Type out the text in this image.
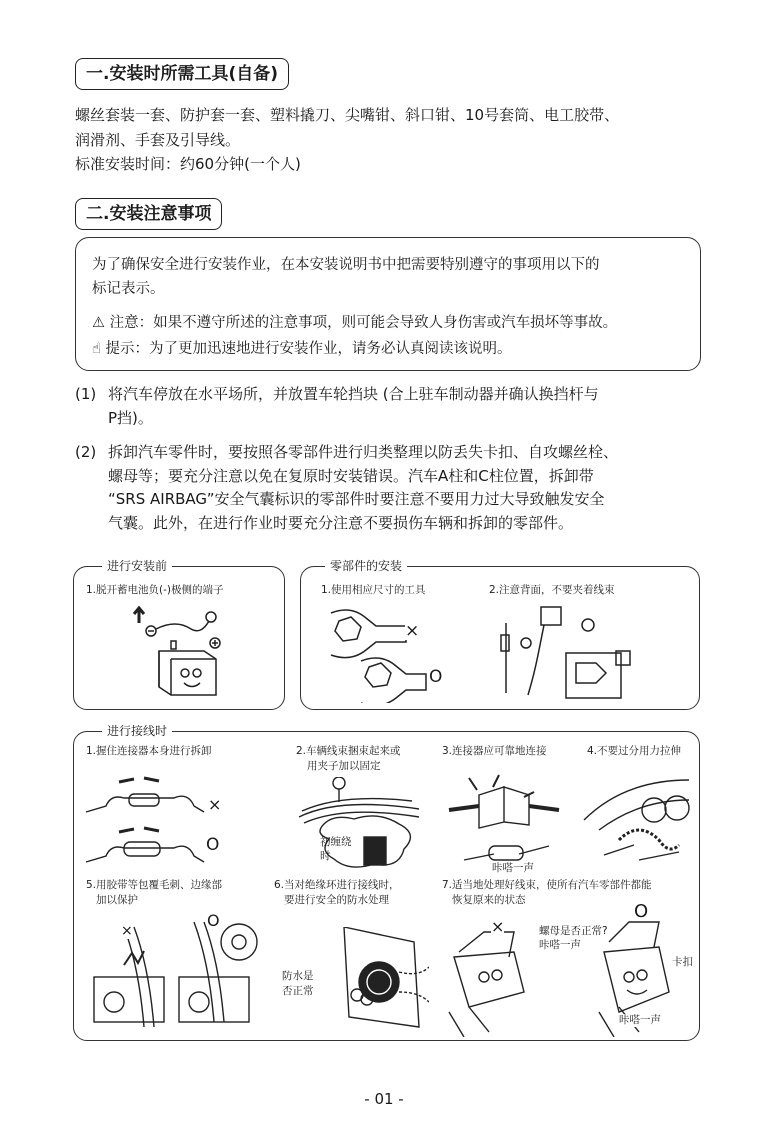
一.安装时所需工具(自备)
螺丝套装一套、防护套一套、塑料撬刀、尖嘴钳、斜口钳、10号套筒、电工胶带、
润滑剂、手套及引导线。
标准安装时间：约60分钟(一个人)
二.安装注意事项
为了确保安全进行安装作业，在本安装说明书中把需要特别遵守的事项用以下的
标记表示。
⚠ 注意：如果不遵守所述的注意事项，则可能会导致人身伤害或汽车损坏等事故。
☝ 提示：为了更加迅速地进行安装作业，请务必认真阅读该说明。
(1) 将汽车停放在水平场所，并放置车轮挡块 (合上驻车制动器并确认换挡杆与
P挡)。
(2) 拆卸汽车零件时，要按照各零部件进行归类整理以防丢失卡扣、自攻螺丝栓、
螺母等；要充分注意以免在复原时安装错误。汽车A柱和C柱位置，拆卸带
“SRS AIRBAG”安全气囊标识的零部件时要注意不要用力过大导致触发安全
气囊。此外，在进行作业时要充分注意不要损伤车辆和拆卸的零部件。
进行安装前
1.脱开蓄电池负(-)极侧的端子
零部件的安装
1.使用相应尺寸的工具	2.注意背面，不要夹着线束
×
O
进行接线时
1.握住连接器本身进行拆卸	2.车辆线束捆束起来或
用夹子加以固定
3.连接器应可靠地连接	4.不要过分用力拉伸
×
O	初缠绕
时
咔嗒一声
5.用胶带等包覆毛刺、边缘部
加以保护
6.当对绝缘环进行接线时，
要进行安全的防水处理
7.适当地处理好线束，使所有汽车零部件都能
恢复原来的状态
×
O
防水是
否正常
×
O
螺母是否正常?
咔嗒一声
卡扣
咔嗒一声
- 01 -
